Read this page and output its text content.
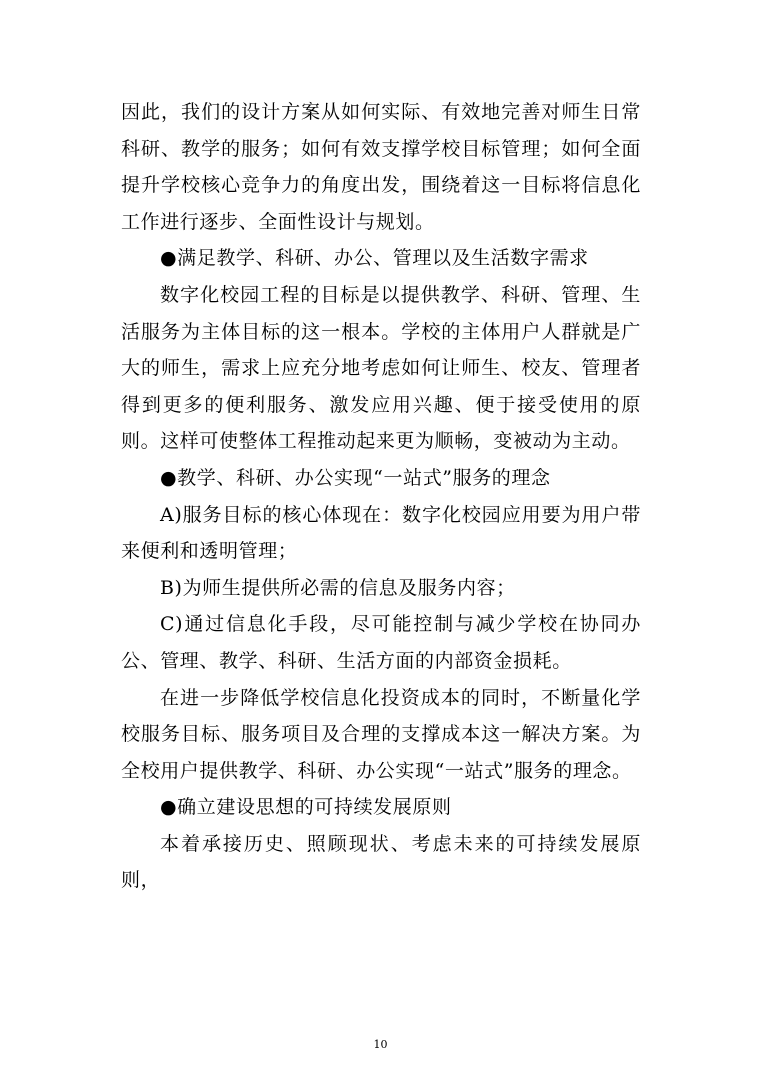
因此，我们的设计方案从如何实际、有效地完善对师生日常科研、教学的服务；如何有效支撑学校目标管理；如何全面提升学校核心竞争力的角度出发，围绕着这一目标将信息化工作进行逐步、全面性设计与规划。

●满足教学、科研、办公、管理以及生活数字需求

数字化校园工程的目标是以提供教学、科研、管理、生活服务为主体目标的这一根本。学校的主体用户人群就是广大的师生，需求上应充分地考虑如何让师生、校友、管理者得到更多的便利服务、激发应用兴趣、便于接受使用的原则。这样可使整体工程推动起来更为顺畅，变被动为主动。

●教学、科研、办公实现“一站式”服务的理念

A)服务目标的核心体现在：数字化校园应用要为用户带来便利和透明管理；

B)为师生提供所必需的信息及服务内容；

C)通过信息化手段，尽可能控制与减少学校在协同办公、管理、教学、科研、生活方面的内部资金损耗。

在进一步降低学校信息化投资成本的同时，不断量化学校服务目标、服务项目及合理的支撑成本这一解决方案。为全校用户提供教学、科研、办公实现“一站式”服务的理念。

●确立建设思想的可持续发展原则

本着承接历史、照顾现状、考虑未来的可持续发展原则，

10
